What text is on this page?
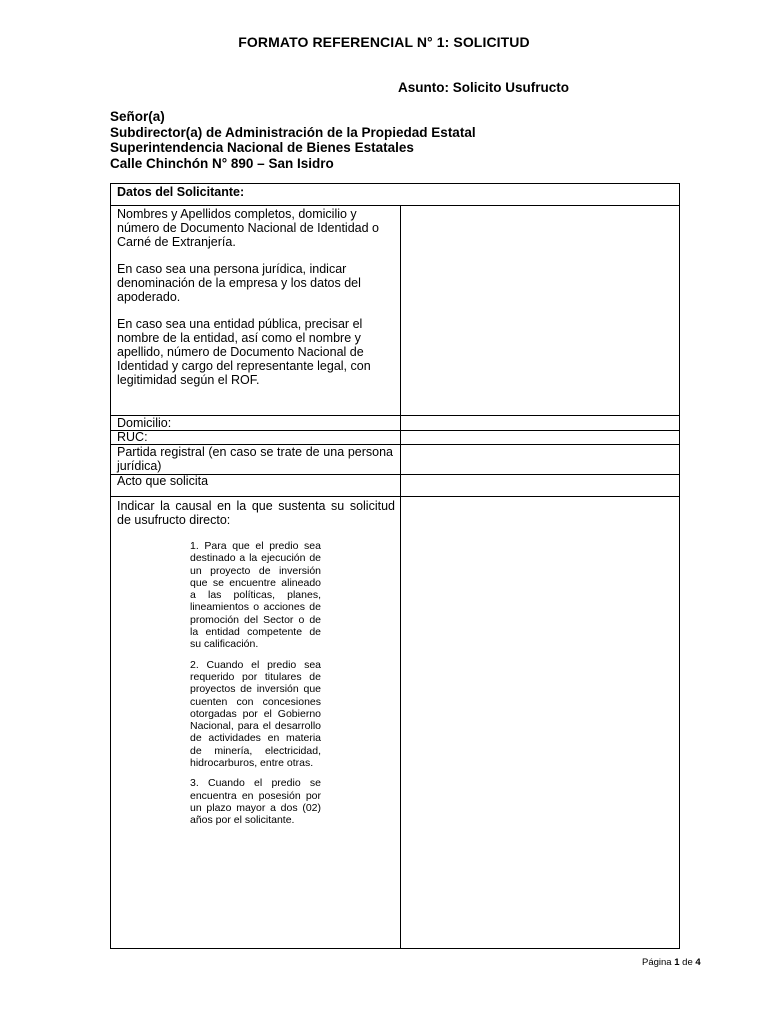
FORMATO REFERENCIAL N° 1: SOLICITUD
Asunto: Solicito Usufructo
Señor(a)
Subdirector(a) de Administración de la Propiedad Estatal
Superintendencia Nacional de Bienes Estatales
Calle Chinchón N° 890 – San Isidro
Datos del Solicitante:
Nombres y Apellidos completos, domicilio y número de Documento Nacional de Identidad o Carné de Extranjería.
En caso sea una persona jurídica, indicar denominación de la empresa y los datos del apoderado.
En caso sea una entidad pública, precisar el nombre de la entidad, así como el nombre y apellido, número de Documento Nacional de Identidad y cargo del representante legal, con legitimidad según el ROF.
Domicilio:
RUC:
Partida registral (en caso se trate de una persona jurídica)
Acto que solicita
Indicar la causal en la que sustenta su solicitud de usufructo directo:
1. Para que el predio sea destinado a la ejecución de un proyecto de inversión que se encuentre alineado a las políticas, planes, lineamientos o acciones de promoción del Sector o de la entidad competente de su calificación.
2. Cuando el predio sea requerido por titulares de proyectos de inversión que cuenten con concesiones otorgadas por el Gobierno Nacional, para el desarrollo de actividades en materia de minería, electricidad, hidrocarburos, entre otras.
3. Cuando el predio se encuentra en posesión por un plazo mayor a dos (02) años por el solicitante.
Página 1 de 4
